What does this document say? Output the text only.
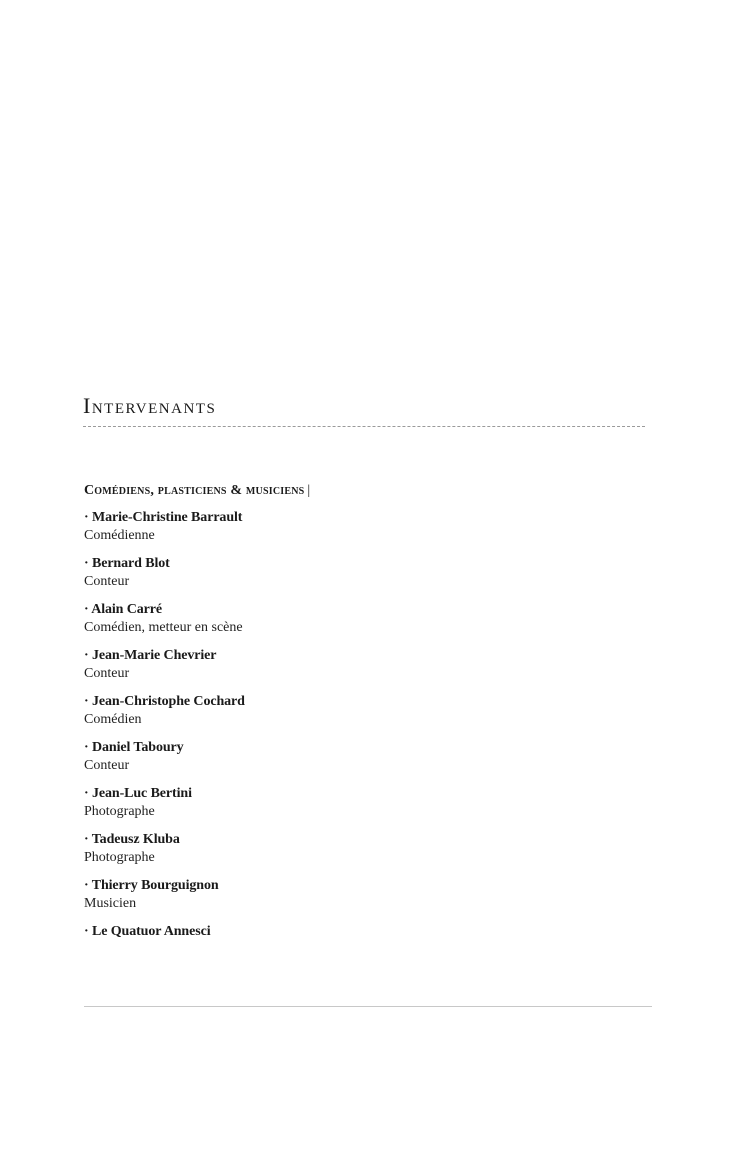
Intervenants
Comédiens, plasticiens & musiciens |
· Marie-Christine Barrault
Comédienne
· Bernard Blot
Conteur
· Alain Carré
Comédien, metteur en scène
· Jean-Marie Chevrier
Conteur
· Jean-Christophe Cochard
Comédien
· Daniel Taboury
Conteur
· Jean-Luc Bertini
Photographe
· Tadeusz Kluba
Photographe
· Thierry Bourguignon
Musicien
· Le Quatuor Annesci
